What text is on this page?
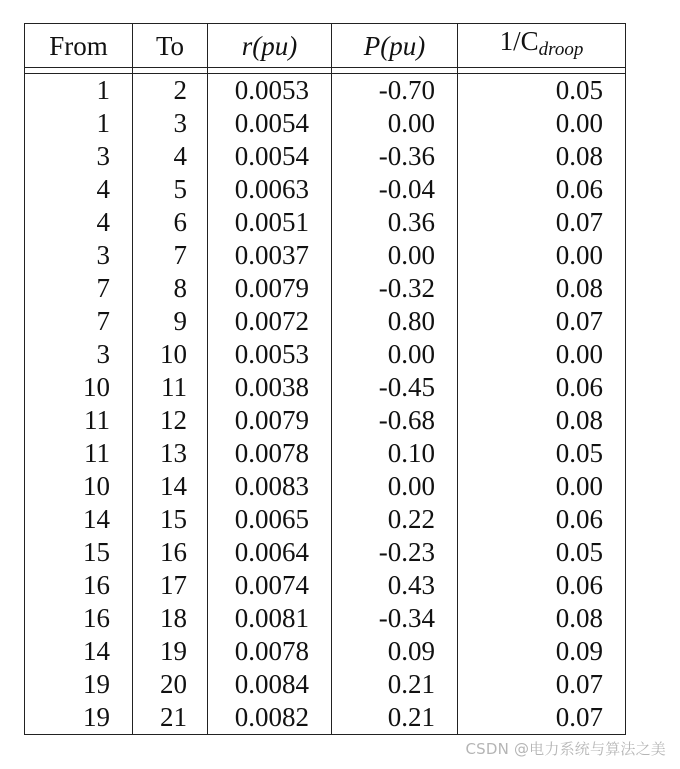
From	To	r(pu)	P(pu)	$1/C_{droop}$

1	2	0.0053	-0.70	0.05
1	3	0.0054	0.00	0.00
3	4	0.0054	-0.36	0.08
4	5	0.0063	-0.04	0.06
4	6	0.0051	0.36	0.07
3	7	0.0037	0.00	0.00
7	8	0.0079	-0.32	0.08
7	9	0.0072	0.80	0.07
3	10	0.0053	0.00	0.00
10	11	0.0038	-0.45	0.06
11	12	0.0079	-0.68	0.08
11	13	0.0078	0.10	0.05
10	14	0.0083	0.00	0.00
14	15	0.0065	0.22	0.06
15	16	0.0064	-0.23	0.05
16	17	0.0074	0.43	0.06
16	18	0.0081	-0.34	0.08
14	19	0.0078	0.09	0.09
19	20	0.0084	0.21	0.07
19	21	0.0082	0.21	0.07
CSDN @电力系统与算法之美
